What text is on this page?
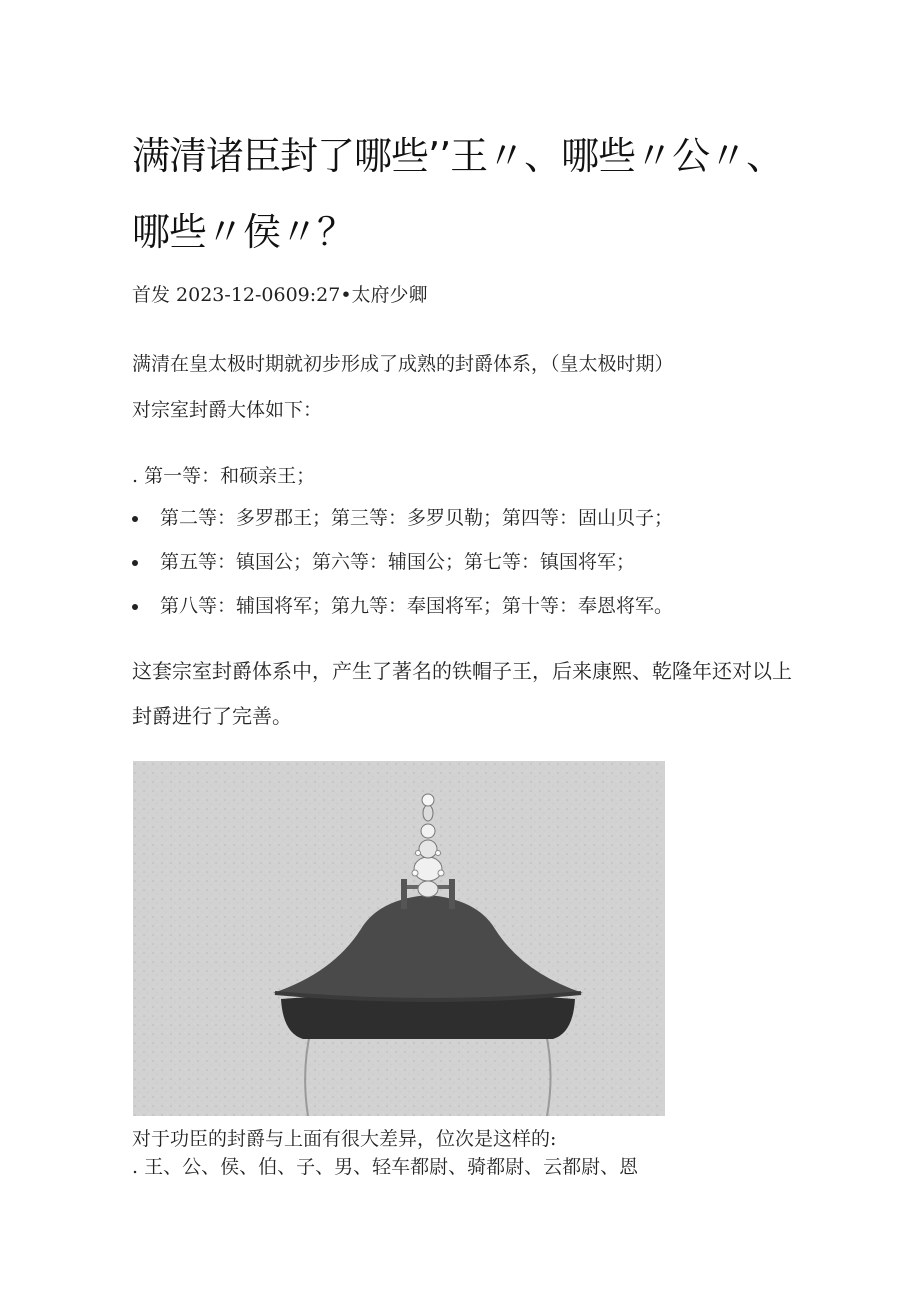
满清诸臣封了哪些’’王〃、哪些〃公〃、
哪些〃侯〃？
首发 2023-12-0609:27•太府少卿

满清在皇太极时期就初步形成了成熟的封爵体系，（皇太极时期）

对宗室封爵大体如下：

. 第一等：和硕亲王；

第二等：多罗郡王；第三等：多罗贝勒；第四等：固山贝子；
第五等：镇国公；第六等：辅国公；第七等：镇国将军；
第八等：辅国将军；第九等：奉国将军；第十等：奉恩将军。

这套宗室封爵体系中，产生了著名的铁帽子王，后来康熙、乾隆年还对以上

封爵进行了完善。

对于功臣的封爵与上面有很大差异，位次是这样的:

. 王、公、侯、伯、子、男、轻车都尉、骑都尉、云都尉、恩
